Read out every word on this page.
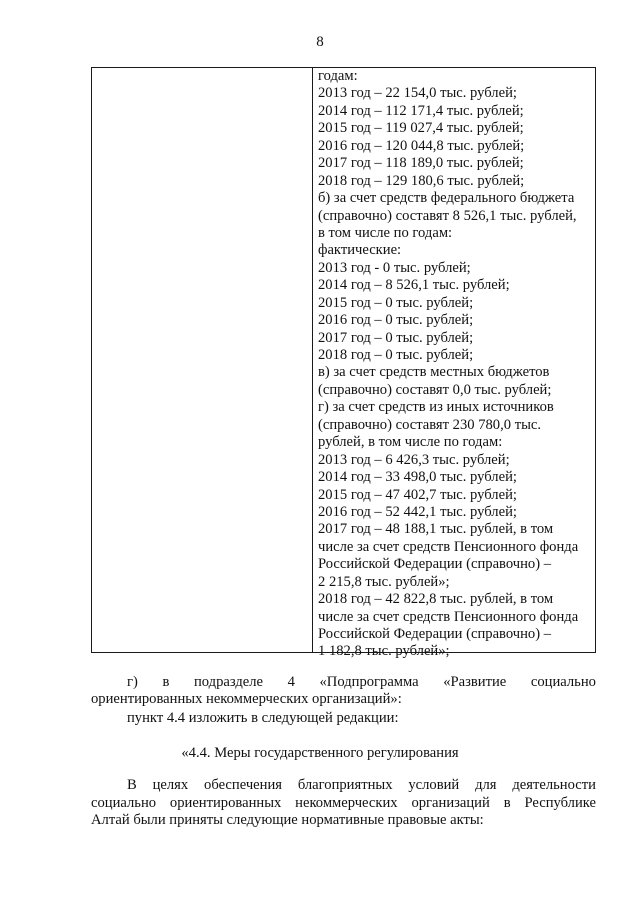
8
годам:
2013 год – 22 154,0 тыс. рублей;
2014 год – 112 171,4 тыс. рублей;
2015 год – 119 027,4 тыс. рублей;
2016 год – 120 044,8 тыс. рублей;
2017 год – 118 189,0 тыс. рублей;
2018 год – 129 180,6 тыс. рублей;
б) за счет средств федерального бюджета
(справочно) составят 8 526,1 тыс. рублей,
в том числе по годам:
фактические:
2013 год - 0 тыс. рублей;
2014 год – 8 526,1 тыс. рублей;
2015 год – 0 тыс. рублей;
2016 год – 0 тыс. рублей;
2017 год – 0 тыс. рублей;
2018 год – 0 тыс. рублей;
в) за счет средств местных бюджетов
(справочно) составят 0,0 тыс. рублей;
г) за счет средств из иных источников
(справочно) составят 230 780,0 тыс.
рублей, в том числе по годам:
2013 год – 6 426,3 тыс. рублей;
2014 год – 33 498,0 тыс. рублей;
2015 год – 47 402,7 тыс. рублей;
2016 год – 52 442,1 тыс. рублей;
2017 год – 48 188,1 тыс. рублей, в том
числе за счет средств Пенсионного фонда
Российской Федерации (справочно) –
2 215,8 тыс. рублей»;
2018 год – 42 822,8 тыс. рублей, в том
числе за счет средств Пенсионного фонда
Российской Федерации (справочно) –
1 182,8 тыс. рублей»;
г) в подразделе 4 «Подпрограмма «Развитие социально
ориентированных некоммерческих организаций»:
пункт 4.4 изложить в следующей редакции:
«4.4. Меры государственного регулирования
В целях обеспечения благоприятных условий для деятельности
социально ориентированных некоммерческих организаций в Республике
Алтай были приняты следующие нормативные правовые акты:
